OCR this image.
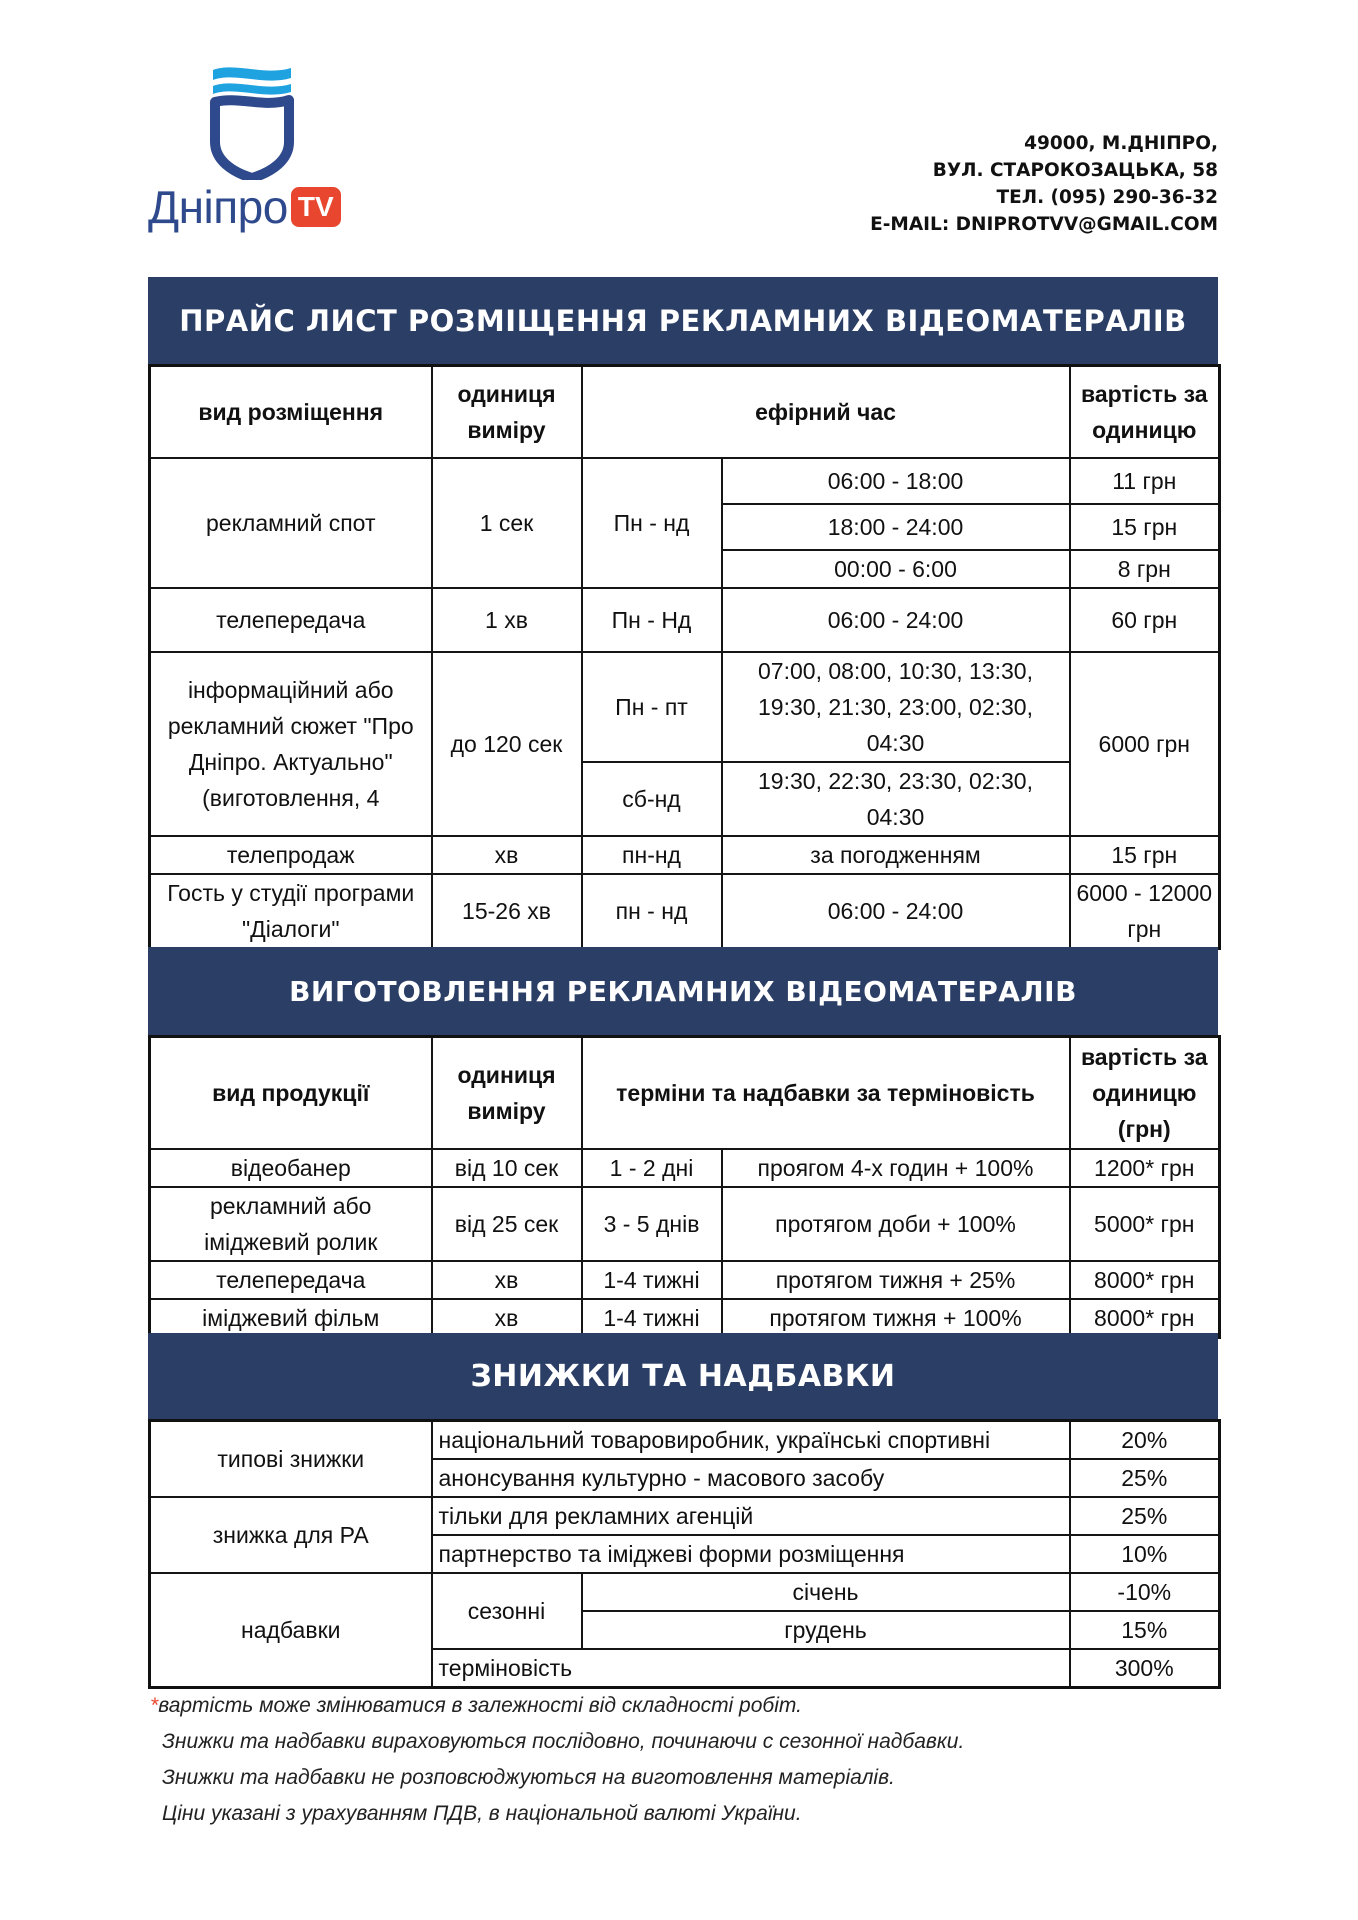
Дніпро TV
49000, М.ДНІПРО,
ВУЛ. СТАРОКОЗАЦЬКА, 58
ТЕЛ. (095) 290-36-32
E-MAIL: DNIPROTVV@GMAIL.COM
ПРАЙС ЛИСТ РОЗМІЩЕННЯ РЕКЛАМНИХ ВІДЕОМАТЕРАЛІВ
вид розміщення	одиниця виміру	ефірний час		вартість за одиницю
рекламний спот	1 сек	Пн - нд	06:00 - 18:00	11 грн
			18:00 - 24:00	15 грн
			00:00 - 6:00	8 грн
телепередача	1 хв	Пн - Нд	06:00 - 24:00	60 грн
інформаційний або рекламний сюжет "Про Дніпро. Актуально" (виготовлення, 4	до 120 сек	Пн - пт	07:00, 08:00, 10:30, 13:30, 19:30, 21:30, 23:00, 02:30, 04:30	6000 грн
		сб-нд	19:30, 22:30, 23:30, 02:30, 04:30	
телепродаж	хв	пн-нд	за погодженням	15 грн
Гость у студії програми "Діалоги"	15-26 хв	пн - нд	06:00 - 24:00	6000 - 12000 грн
ВИГОТОВЛЕННЯ РЕКЛАМНИХ ВІДЕОМАТЕРАЛІВ
вид продукції	одиниця виміру	терміни та надбавки за терміновість		вартість за одиницю (грн)
відеобанер	від 10 сек	1 - 2 дні	проягом 4-х годин + 100%	1200* грн
рекламний або іміджевий ролик	від 25 сек	3 - 5 днів	протягом доби + 100%	5000* грн
телепередача	хв	1-4 тижні	протягом тижня + 25%	8000* грн
іміджевий фільм	хв	1-4 тижні	протягом тижня + 100%	8000* грн
ЗНИЖКИ ТА НАДБАВКИ
типові знижки	національний товаровиробник, українські спортивні		20%
	анонсування культурно - масового засобу		25%
знижка для РА	тільки для рекламних агенцій		25%
	партнерство та іміджеві форми розміщення		10%
надбавки	сезонні	січень	-10%
		грудень	15%
	терміновість		300%
*вартість може змінюватися в залежності від складності робіт.
Знижки та надбавки вираховуються послідовно, починаючи с сезонної надбавки.
Знижки та надбавки не розповсюджуються на виготовлення матеріалів.
Ціни указані з урахуванням ПДВ, в національной валюті України.
